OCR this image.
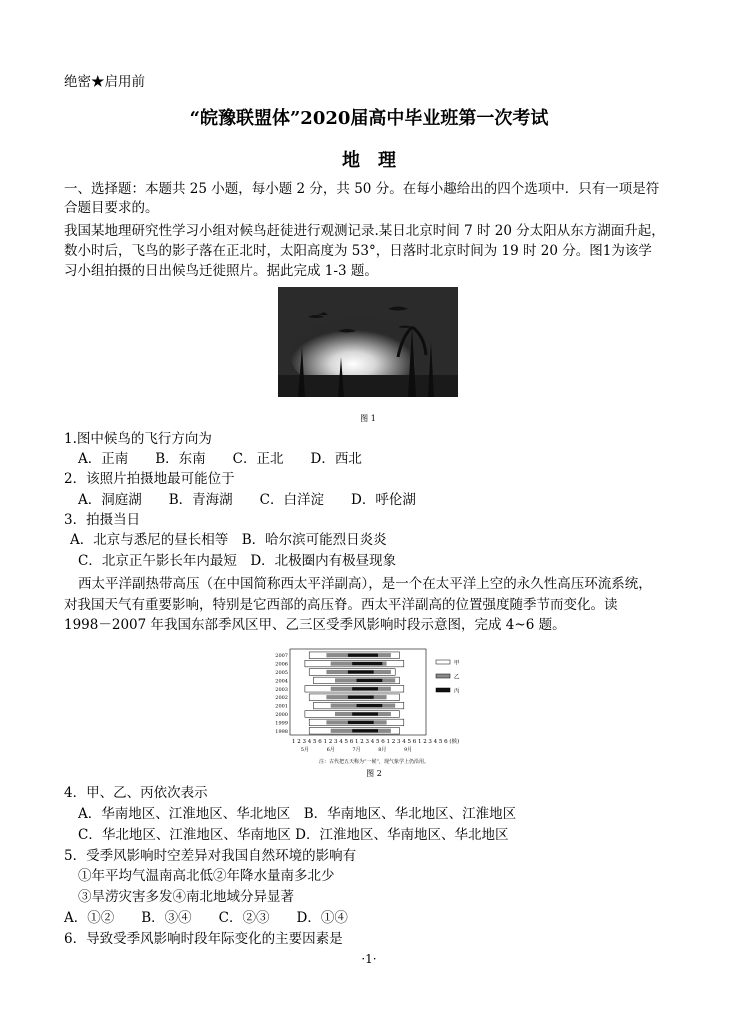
绝密★启用前
“皖豫联盟体”2020届高中毕业班第一次考试
地　理
一、选择题：本题共 25 小题，每小题 2 分，共 50 分。在每小趣给出的四个选项中．只有一项是符
合题目要求的。
我国某地理研究性学习小组对候鸟赶徒进行观测记录.某日北京时间 7 时 20 分太阳从东方湖面升起，
数小时后，飞鸟的影子落在正北时，太阳高度为 53°，日落时北京时间为 19 时 20 分。图1为该学
习小组拍摄的日出候鸟迁徙照片。据此完成 1-3 题。
图 1
1.图中候鸟的飞行方向为
A．正南　　B．东南　　C．正北　　D．西北
2．该照片拍摄地最可能位于
A．洞庭湖　　B．青海湖　　C．白洋淀　　D．呼伦湖
3．拍摄当日
A．北京与悉尼的昼长相等　B．哈尔滨可能烈日炎炎
C．北京正午影长年内最短　D．北极圈内有极昼现象
西太平洋副热带高压（在中国简称西太平洋副高），是一个在太平洋上空的永久性高压环流系统，
对我国天气有重要影响，特别是它西部的高压脊。西太平洋副高的位置强度随季节而变化。读
1998－2007 年我国东部季风区甲、乙三区受季风影响时段示意图，完成 4~6 题。
2007
2006
2005
2004
2003
2002
2001
2000
1999
1998
甲
乙
丙
1 2 3 4 5 6 1 2 3 4 5 6 1 2 3 4 5 6 1 2 3 4 5 6 1 2 3 4 5 6 (候)
5月	6月	7月	8月	9月
注：古代把五天称为“一候”，现气象学上仍沿用。
图 2
4．甲、乙、丙依次表示
A．华南地区、江淮地区、华北地区　B．华南地区、华北地区、江淮地区
C．华北地区、江淮地区、华南地区 D．江淮地区、华南地区、华北地区
5．受季风影响时空差异对我国自然环境的影响有
①年平均气温南高北低②年降水量南多北少
③旱涝灾害多发④南北地域分异显著
A．①②　　B．③④　　C．②③　　D．①④
6．导致受季风影响时段年际变化的主要因素是
·1·
